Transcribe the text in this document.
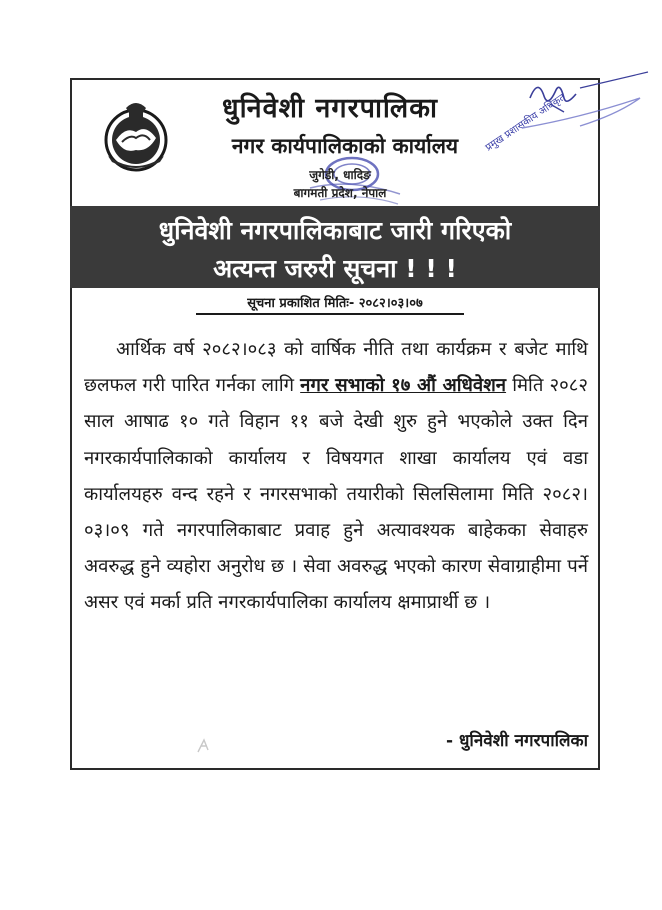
धुनिवेशी नगरपालिका
नगर कार्यपालिकाको कार्यालय
जुगेडी, धादिङ
बागमती प्रदेश, नेपाल
प्रमुख प्रशासकीय अधिकृत
धुनिवेशी नगरपालिकाबाट जारी गरिएको
अत्यन्त जरुरी सूचना ! ! !
सूचना प्रकाशित मितिः- २०८२।०३।०७
आर्थिक वर्ष २०८२।०८३ को वार्षिक नीति तथा कार्यक्रम र बजेट माथि छलफल गरी पारित गर्नका लागि नगर सभाको १७ औं अधिवेशन मिति २०८२ साल आषाढ १० गते विहान ११ बजे देखी शुरु हुने भएकोले उक्त दिन नगरकार्यपालिकाको कार्यालय र विषयगत शाखा कार्यालय एवं वडा कार्यालयहरु वन्द रहने र नगरसभाको तयारीको सिलसिलामा मिति २०८२।०३।०९ गते नगरपालिकाबाट प्रवाह हुने अत्यावश्यक बाहेकका सेवाहरु अवरुद्ध हुने व्यहोरा अनुरोध छ । सेवा अवरुद्ध भएको कारण सेवाग्राहीमा पर्ने असर एवं मर्का प्रति नगरकार्यपालिका कार्यालय क्षमाप्रार्थी छ ।
- धुनिवेशी नगरपालिका
